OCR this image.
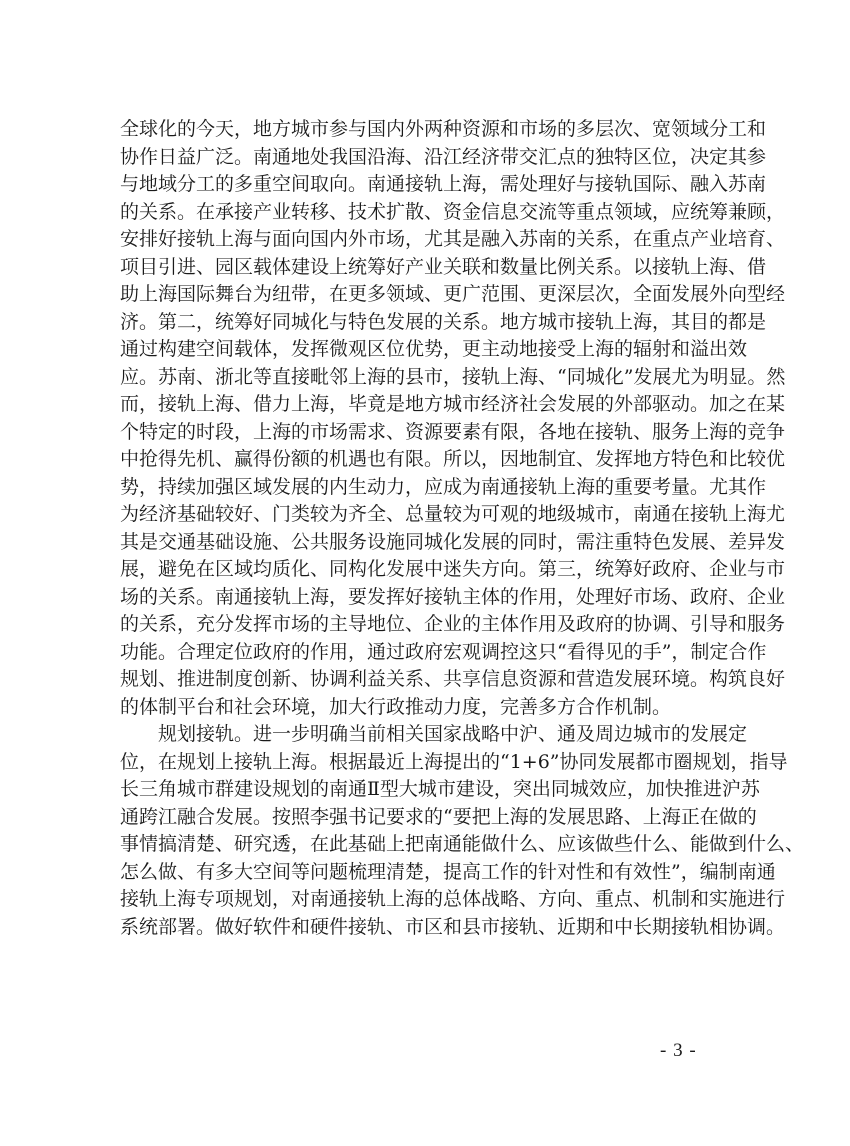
全球化的今天，地方城市参与国内外两种资源和市场的多层次、宽领域分工和
协作日益广泛。南通地处我国沿海、沿江经济带交汇点的独特区位，决定其参
与地域分工的多重空间取向。南通接轨上海，需处理好与接轨国际、融入苏南
的关系。在承接产业转移、技术扩散、资金信息交流等重点领域，应统筹兼顾，
安排好接轨上海与面向国内外市场，尤其是融入苏南的关系，在重点产业培育、
项目引进、园区载体建设上统筹好产业关联和数量比例关系。以接轨上海、借
助上海国际舞台为纽带，在更多领域、更广范围、更深层次，全面发展外向型经
济。第二，统筹好同城化与特色发展的关系。地方城市接轨上海，其目的都是
通过构建空间载体，发挥微观区位优势，更主动地接受上海的辐射和溢出效
应。苏南、浙北等直接毗邻上海的县市，接轨上海、“同城化”发展尤为明显。然
而，接轨上海、借力上海，毕竟是地方城市经济社会发展的外部驱动。加之在某
个特定的时段，上海的市场需求、资源要素有限，各地在接轨、服务上海的竞争
中抢得先机、赢得份额的机遇也有限。所以，因地制宜、发挥地方特色和比较优
势，持续加强区域发展的内生动力，应成为南通接轨上海的重要考量。尤其作
为经济基础较好、门类较为齐全、总量较为可观的地级城市，南通在接轨上海尤
其是交通基础设施、公共服务设施同城化发展的同时，需注重特色发展、差异发
展，避免在区域均质化、同构化发展中迷失方向。第三，统筹好政府、企业与市
场的关系。南通接轨上海，要发挥好接轨主体的作用，处理好市场、政府、企业
的关系，充分发挥市场的主导地位、企业的主体作用及政府的协调、引导和服务
功能。合理定位政府的作用，通过政府宏观调控这只“看得见的手”，制定合作
规划、推进制度创新、协调利益关系、共享信息资源和营造发展环境。构筑良好
的体制平台和社会环境，加大行政推动力度，完善多方合作机制。
规划接轨。进一步明确当前相关国家战略中沪、通及周边城市的发展定
位，在规划上接轨上海。根据最近上海提出的“1+6”协同发展都市圈规划，指导
长三角城市群建设规划的南通Ⅱ型大城市建设，突出同城效应，加快推进沪苏
通跨江融合发展。按照李强书记要求的“要把上海的发展思路、上海正在做的
事情搞清楚、研究透，在此基础上把南通能做什么、应该做些什么、能做到什么、
怎么做、有多大空间等问题梳理清楚，提高工作的针对性和有效性”，编制南通
接轨上海专项规划，对南通接轨上海的总体战略、方向、重点、机制和实施进行
系统部署。做好软件和硬件接轨、市区和县市接轨、近期和中长期接轨相协调。
- 3 -
